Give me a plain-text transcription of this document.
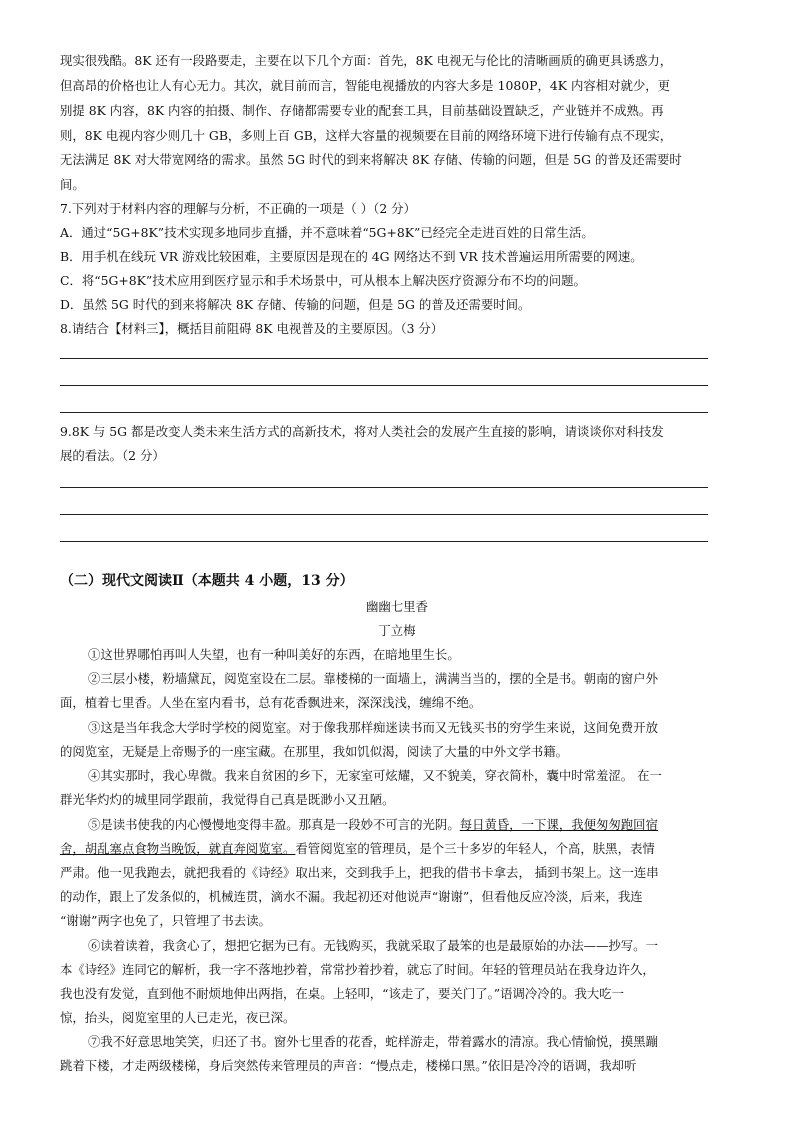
现实很残酷。8K 还有一段路要走，主要在以下几个方面：首先，8K 电视无与伦比的清晰画质的确更具诱惑力，
但高昂的价格也让人有心无力。其次，就目前而言，智能电视播放的内容大多是 1080P，4K 内容相对就少，更
别提 8K 内容，8K 内容的拍摄、制作、存储都需要专业的配套工具，目前基础设置缺乏，产业链并不成熟。再
则，8K 电视内容少则几十 GB，多则上百 GB，这样大容量的视频要在目前的网络环境下进行传输有点不现实，
无法满足 8K 对大带宽网络的需求。虽然 5G 时代的到来将解决 8K 存储、传输的问题，但是 5G 的普及还需要时
间。
7.下列对于材料内容的理解与分析，不正确的一项是（ ）（2 分）
A．通过“5G+8K”技术实现多地同步直播，并不意味着“5G+8K”已经完全走进百姓的日常生活。
B．用手机在线玩 VR 游戏比较困难，主要原因是现在的 4G 网络达不到 VR 技术普遍运用所需要的网速。
C．将“5G+8K”技术应用到医疗显示和手术场景中，可从根本上解决医疗资源分布不均的问题。
D．虽然 5G 时代的到来将解决 8K 存储、传输的问题，但是 5G 的普及还需要时间。
8.请结合【材料三】，概括目前阻碍 8K 电视普及的主要原因。（3 分）
9.8K 与 5G 都是改变人类未来生活方式的高新技术，将对人类社会的发展产生直接的影响，请谈谈你对科技发
展的看法。（2 分）
（二）现代文阅读Ⅱ（本题共 4 小题，13 分）
幽幽七里香
丁立梅
①这世界哪怕再叫人失望，也有一种叫美好的东西，在暗地里生长。
②三层小楼，粉墙黛瓦，阅览室设在二层。靠楼梯的一面墙上，满满当当的，摆的全是书。朝南的窗户外
面，植着七里香。人坐在室内看书，总有花香飘进来，深深浅浅，缠绵不绝。
③这是当年我念大学时学校的阅览室。对于像我那样痴迷读书而又无钱买书的穷学生来说，这间免费开放
的阅览室，无疑是上帝赐予的一座宝藏。在那里，我如饥似渴，阅读了大量的中外文学书籍。
④其实那时，我心卑微。我来自贫困的乡下，无家室可炫耀，又不貌美，穿衣简朴，囊中时常羞涩。 在一
群光华灼灼的城里同学跟前，我觉得自己真是既渺小又丑陋。
⑤是读书使我的内心慢慢地变得丰盈。那真是一段妙不可言的光阴。每日黄昏，一下课，我便匆匆跑回宿
舍，胡乱塞点食物当晚饭，就直奔阅览室。看管阅览室的管理员，是个三十多岁的年轻人，个高，肤黑，表情
严肃。他一见我跑去，就把我看的《诗经》取出来，交到我手上，把我的借书卡拿去， 插到书架上。这一连串
的动作，跟上了发条似的，机械连贯，滴水不漏。我起初还对他说声“谢谢”，但看他反应冷淡，后来，我连
“谢谢”两字也免了，只管埋了书去读。
⑥读着读着，我贪心了，想把它据为已有。无钱购买，我就采取了最笨的也是最原始的办法——抄写。一
本《诗经》连同它的解析，我一字不落地抄着，常常抄着抄着，就忘了时间。年轻的管理员站在我身边许久，
我也没有发觉，直到他不耐烦地伸出两指，在桌。上轻叩，“该走了，要关门了。”语调冷冷的。我大吃一
惊，抬头，阅览室里的人已走光，夜已深。
⑦我不好意思地笑笑，归还了书。窗外七里香的花香，蛇样游走，带着露水的清凉。我心情愉悦，摸黑蹦
跳着下楼，才走两级楼梯，身后突然传来管理员的声音：“慢点走，楼梯口黑。”依旧是冷冷的语调，我却听
